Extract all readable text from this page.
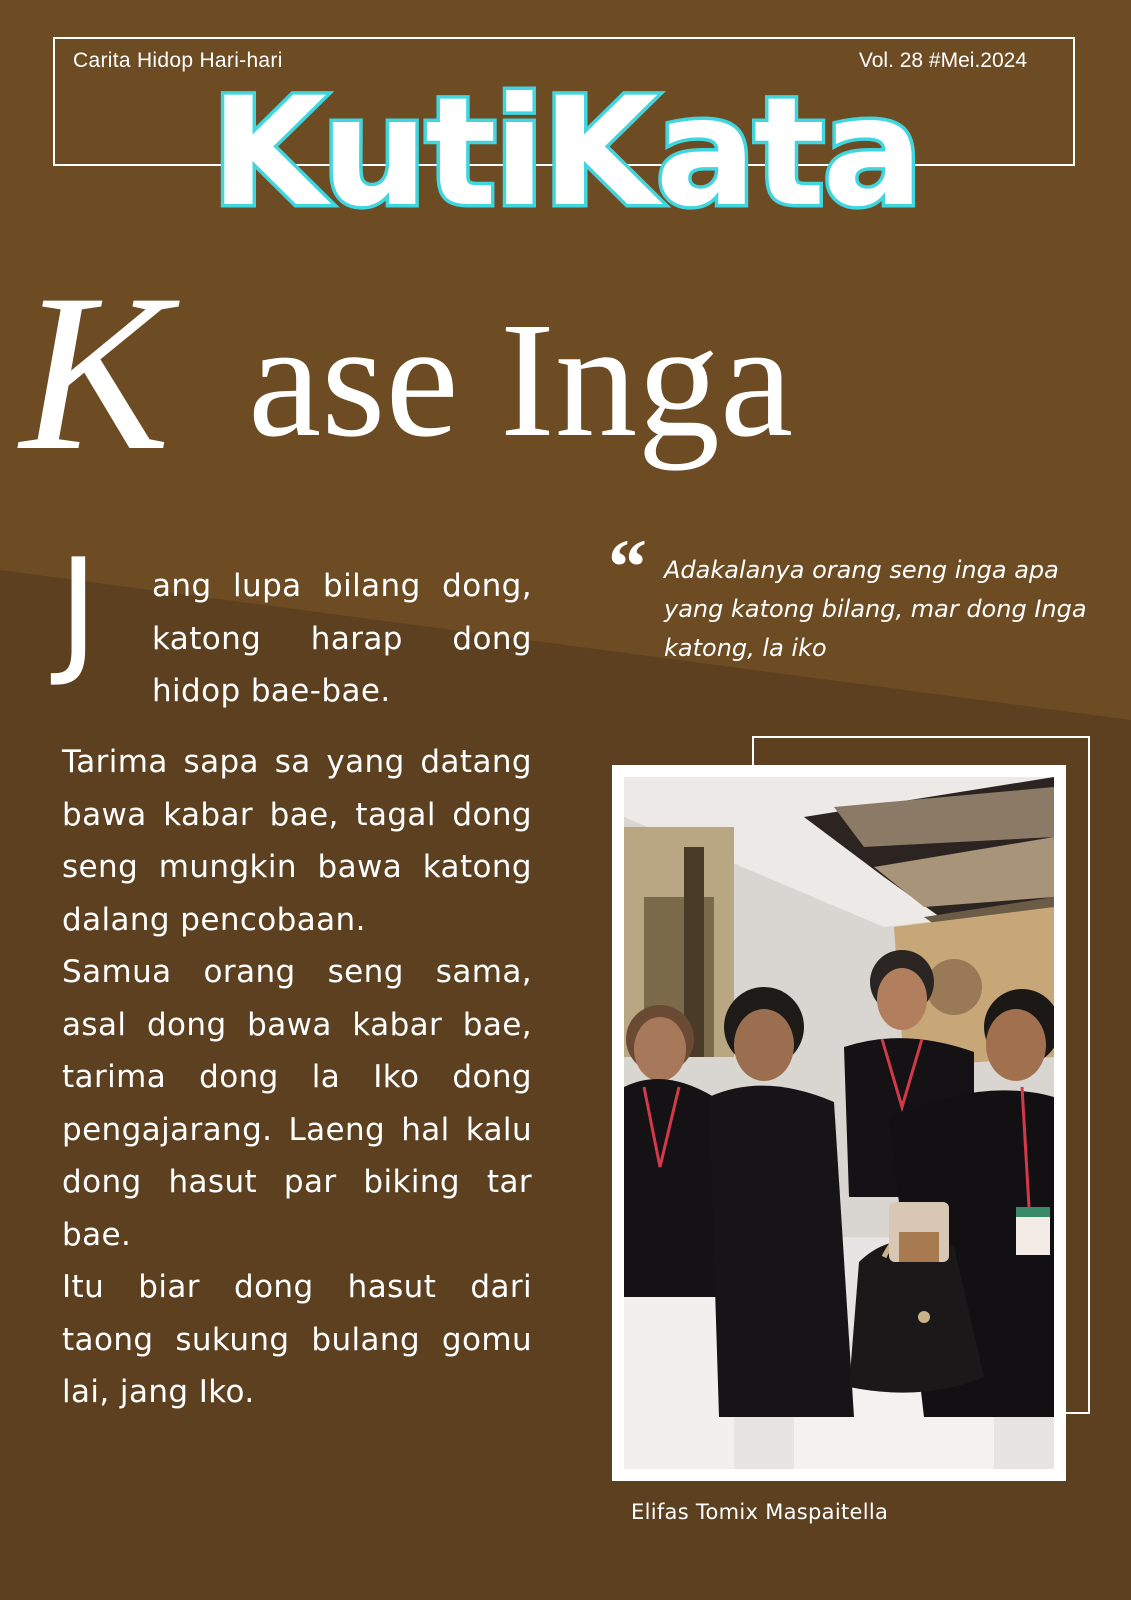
Carita Hidop Hari-hari	Vol. 28 #Mei.2024
KutiKata
K ase Inga
J ang lupa bilang dong, katong harap dong hidop bae-bae.

Tarima sapa sa yang datang bawa kabar bae, tagal dong seng mungkin bawa katong dalang pencobaan.

Samua orang seng sama, asal dong bawa kabar bae, tarima dong la Iko dong pengajarang. Laeng hal kalu dong hasut par biking tar bae.

Itu biar dong hasut dari taong sukung bulang gomu lai, jang Iko.

“ Adakalanya orang seng inga apa yang katong bilang, mar dong Inga katong, la iko
Elifas Tomix Maspaitella
